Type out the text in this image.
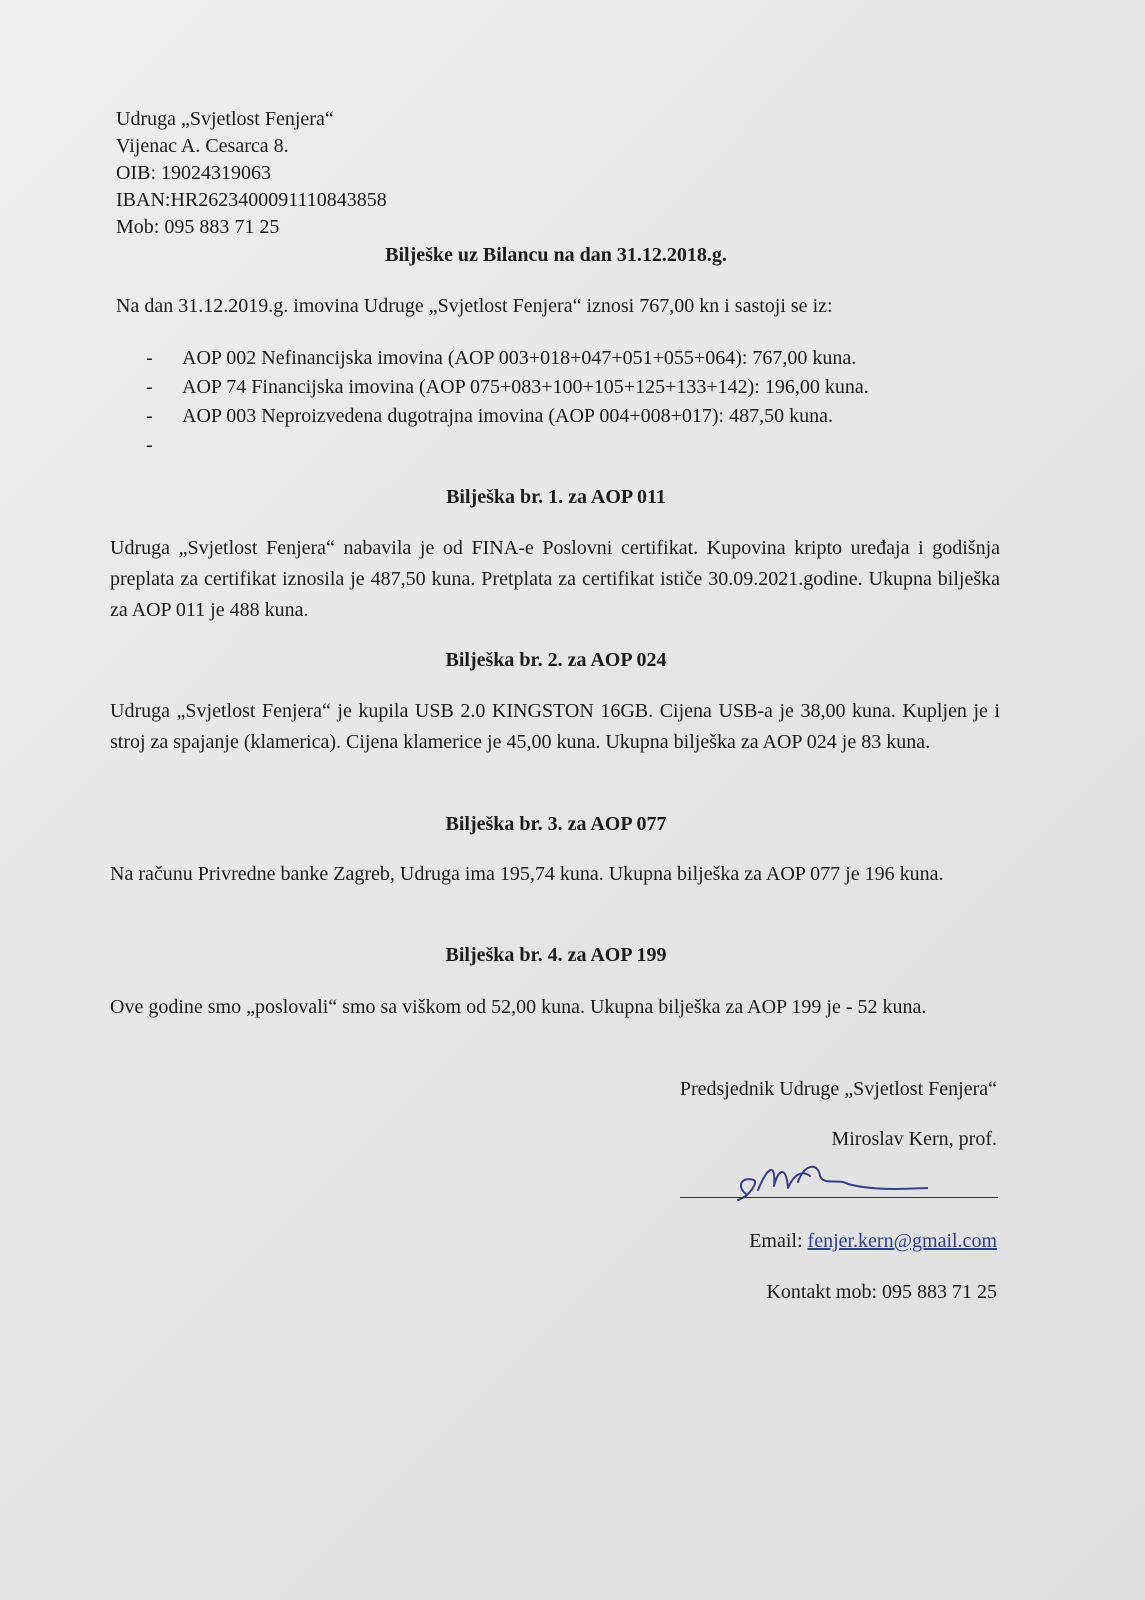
Udruga „Svjetlost Fenjera“
Vijenac A. Cesarca 8.
OIB: 19024319063
IBAN:HR2623400091110843858
Mob: 095 883 71 25
Bilješke uz Bilancu na dan 31.12.2018.g.
Na dan 31.12.2019.g. imovina Udruge „Svjetlost Fenjera“ iznosi 767,00 kn i sastoji se iz:
- AOP 002 Nefinancijska imovina (AOP 003+018+047+051+055+064): 767,00 kuna.
- AOP 74 Financijska imovina (AOP 075+083+100+105+125+133+142): 196,00 kuna.
- AOP 003 Neproizvedena dugotrajna imovina (AOP 004+008+017): 487,50 kuna.
-
Bilješka br. 1. za AOP 011
Udruga „Svjetlost Fenjera“ nabavila je od FINA-e Poslovni certifikat. Kupovina kripto uređaja i godišnja preplata za certifikat iznosila je 487,50 kuna. Pretplata za certifikat ističe 30.09.2021.godine. Ukupna bilješka za AOP 011 je 488 kuna.
Bilješka br. 2. za AOP 024
Udruga „Svjetlost Fenjera“ je kupila USB 2.0 KINGSTON 16GB. Cijena USB-a je 38,00 kuna. Kupljen je i stroj za spajanje (klamerica). Cijena klamerice je 45,00 kuna. Ukupna bilješka za AOP 024 je 83 kuna.
Bilješka br. 3. za AOP 077
Na računu Privredne banke Zagreb, Udruga ima 195,74 kuna. Ukupna bilješka za AOP 077 je 196 kuna.
Bilješka br. 4. za AOP 199
Ove godine smo „poslovali“ smo sa viškom od 52,00 kuna. Ukupna bilješka za AOP 199 je - 52 kuna.
Predsjednik Udruge „Svjetlost Fenjera“
Miroslav Kern, prof.
Email: fenjer.kern@gmail.com
Kontakt mob: 095 883 71 25
